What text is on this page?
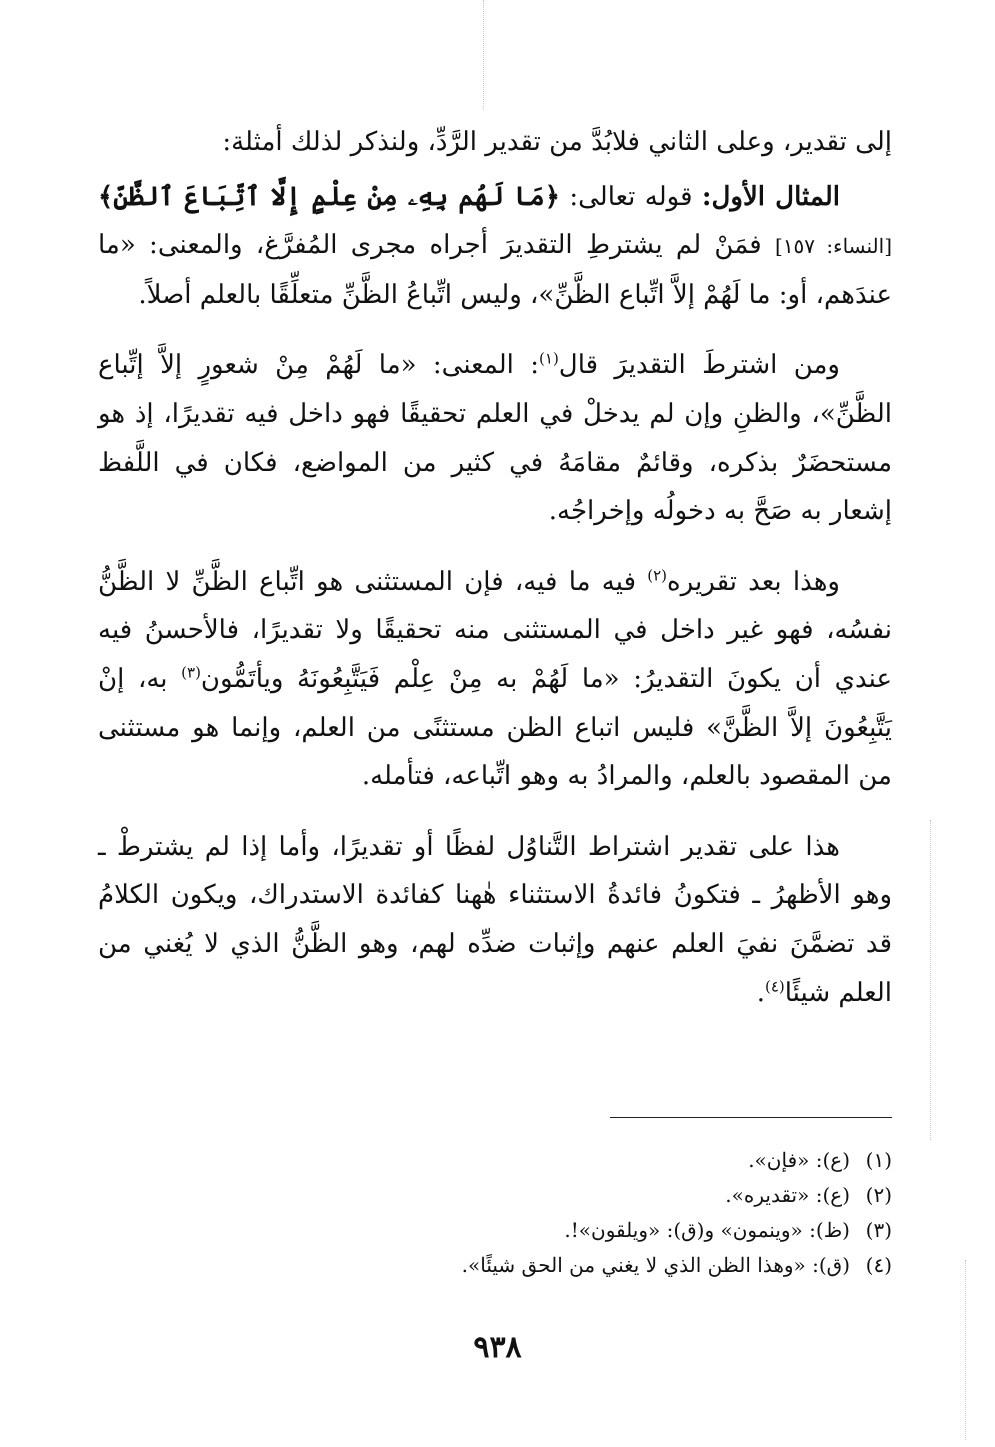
إلى تقدير، وعلى الثاني فلابُدَّ من تقدير الرَّدِّ، ولنذكر لذلك أمثلة:

المثال الأول: قوله تعالى: ﴿مَا لَهُم بِهِۦ مِنْ عِلْمٍ إِلَّا ٱتِّبَاعَ ٱلظَّنِّ﴾ [النساء: ١٥٧] فمَنْ لم يشترطِ التقديرَ أجراه مجرى المُفرَّغ، والمعنى: «ما عندَهم، أو: ما لَهُمْ إلاَّ اتِّباع الظَّنِّ»، وليس اتِّباعُ الظَّنِّ متعلِّقًا بالعلم أصلاً.

ومن اشترطَ التقديرَ قال$^{(١)}$: المعنى: «ما لَهُمْ مِنْ شعورٍ إلاَّ إتِّباع الظَّنِّ»، والظنِ وإن لم يدخلْ في العلم تحقيقًا فهو داخل فيه تقديرًا، إذ هو مستحضَرٌ بذكره، وقائمٌ مقامَهُ في كثير من المواضع، فكان في اللَّفظ إشعار به صَحَّ به دخولُه وإخراجُه.

وهذا بعد تقريره$^{(٢)}$ فيه ما فيه، فإن المستثنى هو اتِّباع الظَّنِّ لا الظَّنُّ نفسُه، فهو غير داخل في المستثنى منه تحقيقًا ولا تقديرًا، فالأحسنُ فيه عندي أن يكونَ التقديرُ: «ما لَهُمْ به مِنْ عِلْم فَيَتَّبِعُونَهُ ويأتَمُّون$^{(٣)}$ به، إنْ يَتَّبِعُونَ إلاَّ الظَّنَّ» فليس اتباع الظن مستثنًى من العلم، وإنما هو مستثنى من المقصود بالعلم، والمرادُ به وهو اتِّباعه، فتأمله.

هذا على تقدير اشتراط التَّناوُل لفظًا أو تقديرًا، وأما إذا لم يشترطْ ـ وهو الأظهرُ ـ فتكونُ فائدةُ الاستثناء هٰهنا كفائدة الاستدراك، ويكون الكلامُ قد تضمَّنَ نفيَ العلم عنهم وإثبات ضدِّه لهم، وهو الظَّنُّ الذي لا يُغني من العلم شيئًا$^{(٤)}$.

(١)(ع): «فإن».
(٢)(ع): «تقديره».
(٣)(ظ): «وينمون» و(ق): «ويلقون»!.
(٤)(ق): «وهذا الظن الذي لا يغني من الحق شيئًا».
٩٣٨
